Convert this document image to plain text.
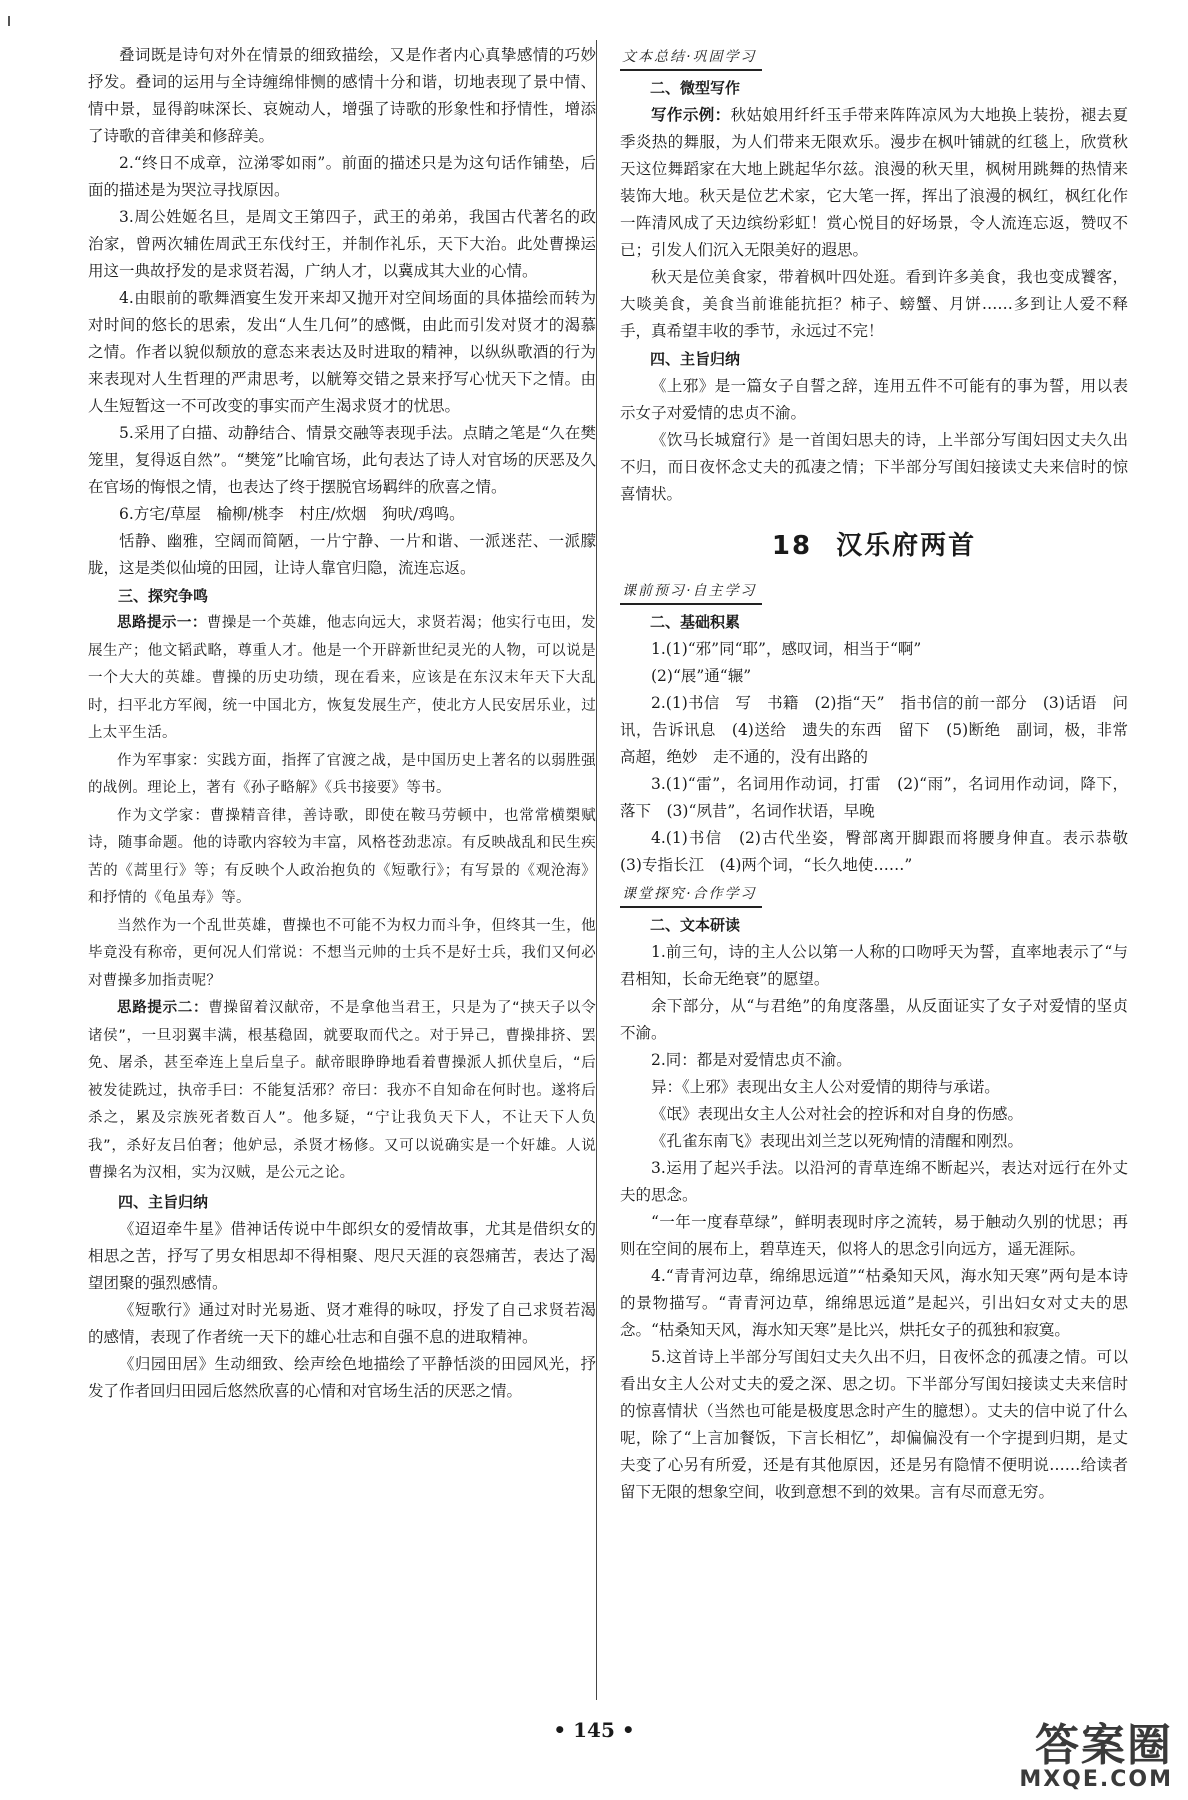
叠词既是诗句对外在情景的细致描绘，又是作者内心真挚感情的巧妙抒发。叠词的运用与全诗缠绵悱恻的感情十分和谐，切地表现了景中情、情中景，显得韵味深长、哀婉动人，增强了诗歌的形象性和抒情性，增添了诗歌的音律美和修辞美。

2.“终日不成章，泣涕零如雨”。前面的描述只是为这句话作铺垫，后面的描述是为哭泣寻找原因。

3.周公姓姬名旦，是周文王第四子，武王的弟弟，我国古代著名的政治家，曾两次辅佐周武王东伐纣王，并制作礼乐，天下大治。此处曹操运用这一典故抒发的是求贤若渴，广纳人才，以冀成其大业的心情。

4.由眼前的歌舞酒宴生发开来却又抛开对空间场面的具体描绘而转为对时间的悠长的思索，发出“人生几何”的感慨，由此而引发对贤才的渴慕之情。作者以貌似颓放的意态来表达及时进取的精神，以纵纵歌酒的行为来表现对人生哲理的严肃思考，以觥筹交错之景来抒写心忧天下之情。由人生短暂这一不可改变的事实而产生渴求贤才的忧思。

5.采用了白描、动静结合、情景交融等表现手法。点睛之笔是“久在樊笼里，复得返自然”。“樊笼”比喻官场，此句表达了诗人对官场的厌恶及久在官场的悔恨之情，也表达了终于摆脱官场羁绊的欣喜之情。

6.方宅/草屋　榆柳/桃李　村庄/炊烟　狗吠/鸡鸣。

恬静、幽雅，空阔而简陋，一片宁静、一片和谐、一派迷茫、一派朦胧，这是类似仙境的田园，让诗人靠官归隐，流连忘返。

三、探究争鸣

思路提示一：曹操是一个英雄，他志向远大，求贤若渴；他实行屯田，发展生产；他文韬武略，尊重人才。他是一个开辟新世纪灵光的人物，可以说是一个大大的英雄。曹操的历史功绩，现在看来，应该是在东汉末年天下大乱时，扫平北方军阀，统一中国北方，恢复发展生产，使北方人民安居乐业，过上太平生活。

作为军事家：实践方面，指挥了官渡之战，是中国历史上著名的以弱胜强的战例。理论上，著有《孙子略解》《兵书接要》等书。

作为文学家：曹操精音律，善诗歌，即使在鞍马劳顿中，也常常横槊赋诗，随事命题。他的诗歌内容较为丰富，风格苍劲悲凉。有反映战乱和民生疾苦的《蒿里行》等；有反映个人政治抱负的《短歌行》；有写景的《观沧海》和抒情的《龟虽寿》等。

当然作为一个乱世英雄，曹操也不可能不为权力而斗争，但终其一生，他毕竟没有称帝，更何况人们常说：不想当元帅的士兵不是好士兵，我们又何必对曹操多加指责呢？

思路提示二：曹操留着汉献帝，不是拿他当君王，只是为了“挟天子以令诸侯”，一旦羽翼丰满，根基稳固，就要取而代之。对于异己，曹操排挤、罢免、屠杀，甚至牵连上皇后皇子。献帝眼睁睁地看着曹操派人抓伏皇后，“后被发徒跣过，执帝手曰：不能复活邪？帝曰：我亦不自知命在何时也。遂将后杀之，累及宗族死者数百人”。他多疑，“宁让我负天下人，不让天下人负我”，杀好友吕伯奢；他妒忌，杀贤才杨修。又可以说确实是一个奸雄。人说曹操名为汉相，实为汉贼，是公元之论。

四、主旨归纳

《迢迢牵牛星》借神话传说中牛郎织女的爱情故事，尤其是借织女的相思之苦，抒写了男女相思却不得相聚、咫尺天涯的哀怨痛苦，表达了渴望团聚的强烈感情。

《短歌行》通过对时光易逝、贤才难得的咏叹，抒发了自己求贤若渴的感情，表现了作者统一天下的雄心壮志和自强不息的进取精神。

《归园田居》生动细致、绘声绘色地描绘了平静恬淡的田园风光，抒发了作者回归田园后悠然欣喜的心情和对官场生活的厌恶之情。

文本总结·巩固学习

二、微型写作

写作示例：秋姑娘用纤纤玉手带来阵阵凉风为大地换上装扮，褪去夏季炎热的舞服，为人们带来无限欢乐。漫步在枫叶铺就的红毯上，欣赏秋天这位舞蹈家在大地上跳起华尔兹。浪漫的秋天里，枫树用跳舞的热情来装饰大地。秋天是位艺术家，它大笔一挥，挥出了浪漫的枫红，枫红化作一阵清风成了天边缤纷彩虹！赏心悦目的好场景，令人流连忘返，赞叹不已；引发人们沉入无限美好的遐思。

秋天是位美食家，带着枫叶四处逛。看到许多美食，我也变成饕客，大啖美食，美食当前谁能抗拒？柿子、螃蟹、月饼……多到让人爱不释手，真希望丰收的季节，永远过不完！

四、主旨归纳

《上邪》是一篇女子自誓之辞，连用五件不可能有的事为誓，用以表示女子对爱情的忠贞不渝。

《饮马长城窟行》是一首闺妇思夫的诗，上半部分写闺妇因丈夫久出不归，而日夜怀念丈夫的孤凄之情；下半部分写闺妇接读丈夫来信时的惊喜情状。

18 汉乐府两首
课前预习·自主学习

二、基础积累

1.(1)“邪”同“耶”，感叹词，相当于“啊”

(2)“展”通“辗”

2.(1)书信　写　书籍　(2)指“天”　指书信的前一部分　(3)话语　问讯，告诉讯息　(4)送给　遗失的东西　留下　(5)断绝　副词，极，非常　高超，绝妙　走不通的，没有出路的

3.(1)“雷”，名词用作动词，打雷　(2)“雨”，名词用作动词，降下，落下　(3)“夙昔”，名词作状语，早晚

4.(1)书信　(2)古代坐姿，臀部离开脚跟而将腰身伸直。表示恭敬　(3)专指长江　(4)两个词，“长久地使……”

课堂探究·合作学习

二、文本研读

1.前三句，诗的主人公以第一人称的口吻呼天为誓，直率地表示了“与君相知，长命无绝衰”的愿望。

余下部分，从“与君绝”的角度落墨，从反面证实了女子对爱情的坚贞不渝。

2.同：都是对爱情忠贞不渝。

异：《上邪》表现出女主人公对爱情的期待与承诺。

《氓》表现出女主人公对社会的控诉和对自身的伤感。

《孔雀东南飞》表现出刘兰芝以死殉情的清醒和刚烈。

3.运用了起兴手法。以沿河的青草连绵不断起兴，表达对远行在外丈夫的思念。

“一年一度春草绿”，鲜明表现时序之流转，易于触动久别的忧思；再则在空间的展布上，碧草连天，似将人的思念引向远方，遥无涯际。

4.“青青河边草，绵绵思远道”“枯桑知天风，海水知天寒”两句是本诗的景物描写。“青青河边草，绵绵思远道”是起兴，引出妇女对丈夫的思念。“枯桑知天风，海水知天寒”是比兴，烘托女子的孤独和寂寞。

5.这首诗上半部分写闺妇丈夫久出不归，日夜怀念的孤凄之情。可以看出女主人公对丈夫的爱之深、思之切。下半部分写闺妇接读丈夫来信时的惊喜情状（当然也可能是极度思念时产生的臆想）。丈夫的信中说了什么呢，除了“上言加餐饭，下言长相忆”，却偏偏没有一个字提到归期，是丈夫变了心另有所爱，还是有其他原因，还是另有隐情不便明说……给读者留下无限的想象空间，收到意想不到的效果。言有尽而意无穷。

• 145 •	答案圈
MXQE.COM
